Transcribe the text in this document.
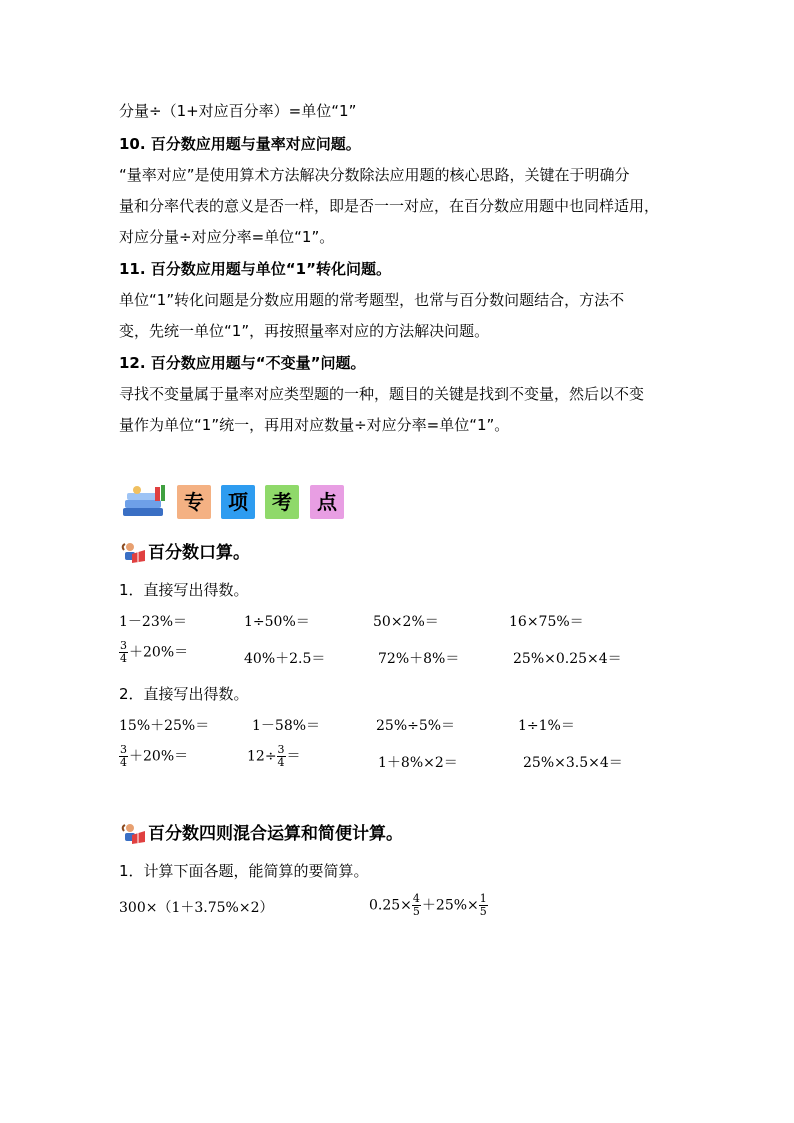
分量÷（1+对应百分率）=单位“1”
10. 百分数应用题与量率对应问题。
“量率对应”是使用算术方法解决分数除法应用题的核心思路，关键在于明确分
量和分率代表的意义是否一样，即是否一一对应，在百分数应用题中也同样适用，
对应分量÷对应分率=单位“1”。
11. 百分数应用题与单位“1”转化问题。
单位“1”转化问题是分数应用题的常考题型，也常与百分数问题结合，方法不
变，先统一单位“1”，再按照量率对应的方法解决问题。
12. 百分数应用题与“不变量”问题。
寻找不变量属于量率对应类型题的一种，题目的关键是找到不变量，然后以不变
量作为单位“1”统一，再用对应数量÷对应分率=单位“1”。
专	项	考	点
百分数口算。
1．直接写出得数。
1－23%＝	1÷50%＝	50×2%＝	16×75%＝
$\frac{3}{4} +20\%=$	40%＋2.5＝	72%＋8%＝	25%×0.25×4＝
2．直接写出得数。
15%＋25%＝	1－58%＝	25%÷5%＝	1÷1%＝
$\frac{3}{4} +20\%=$	$12\div \frac{3}{4}$ ＝	1＋8%×2＝	25%×3.5×4＝
百分数四则混合运算和简便计算。
1．计算下面各题，能简算的要简算。
300×（1＋3.75%×2）	$0.25\times \frac{4}{5} +25\%\times \frac{1}{5}$
